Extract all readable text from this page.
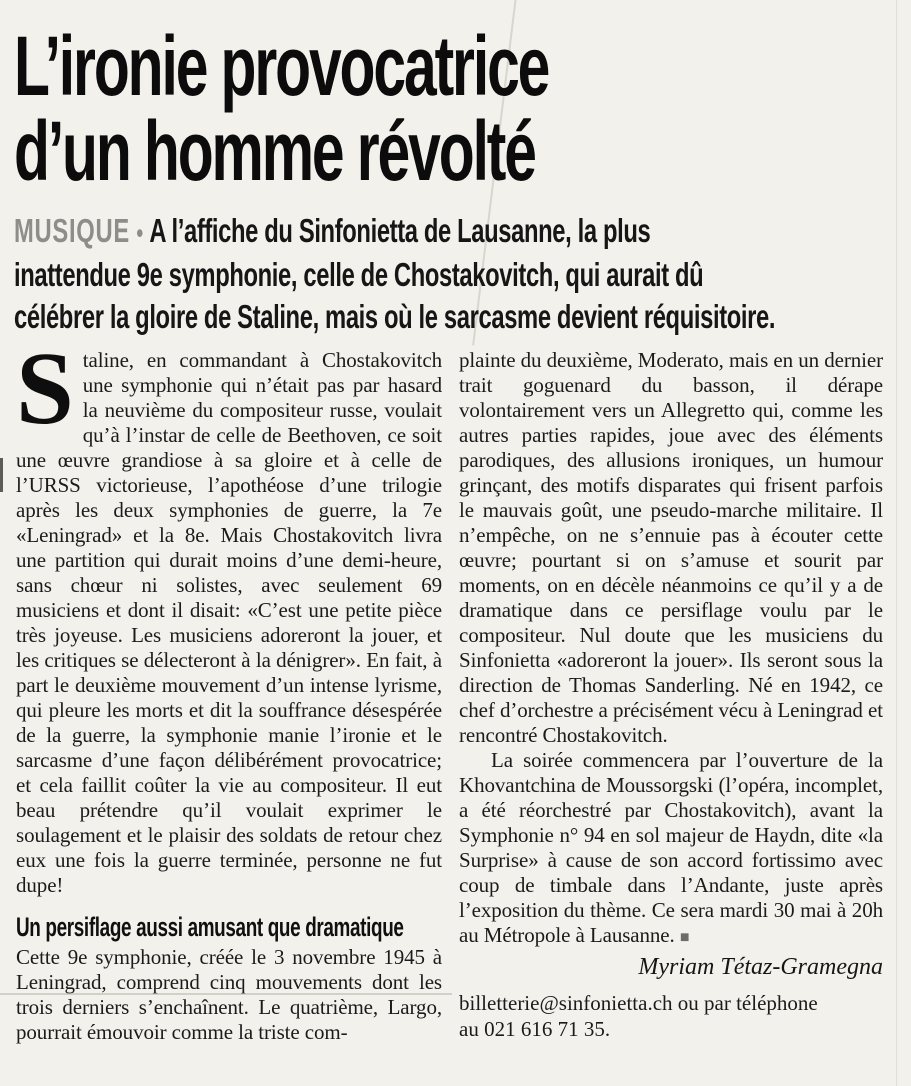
L’ironie provocatrice
d’un homme révolté
MUSIQUE • A l’affiche du Sinfonietta de Lausanne, la plus
inattendue 9e symphonie, celle de Chostakovitch, qui aurait dû
célébrer la gloire de Staline, mais où le sarcasme devient réquisitoire.

Staline, en commandant à Chostakovitch une symphonie qui n’était pas par hasard la neuvième du compositeur russe, voulait qu’à l’instar de celle de Beethoven, ce soit une œuvre grandiose à sa gloire et à celle de l’URSS victorieuse, l’apothéose d’une trilogie après les deux symphonies de guerre, la 7e «Leningrad» et la 8e. Mais Chostakovitch livra une partition qui durait moins d’une demi-heure, sans chœur ni solistes, avec seulement 69 musiciens et dont il disait: «C’est une petite pièce très joyeuse. Les musiciens adoreront la jouer, et les critiques se délecteront à la dénigrer». En fait, à part le deuxième mouvement d’un intense lyrisme, qui pleure les morts et dit la souffrance désespérée de la guerre, la symphonie manie l’ironie et le sarcasme d’une façon délibérément provocatrice; et cela faillit coûter la vie au compositeur. Il eut beau prétendre qu’il voulait exprimer le soulagement et le plaisir des soldats de retour chez eux une fois la guerre terminée, personne ne fut dupe!

Un persiflage aussi amusant que dramatique

Cette 9e symphonie, créée le 3 novembre 1945 à Leningrad, comprend cinq mouvements dont les trois derniers s’enchaînent. Le quatrième, Largo, pourrait émouvoir comme la triste com-

plainte du deuxième, Moderato, mais en un dernier trait goguenard du basson, il dérape volontairement vers un Allegretto qui, comme les autres parties rapides, joue avec des éléments parodiques, des allusions ironiques, un humour grinçant, des motifs disparates qui frisent parfois le mauvais goût, une pseudo-marche militaire. Il n’empêche, on ne s’ennuie pas à écouter cette œuvre; pourtant si on s’amuse et sourit par moments, on en décèle néanmoins ce qu’il y a de dramatique dans ce persiflage voulu par le compositeur. Nul doute que les musiciens du Sinfonietta «adoreront la jouer». Ils seront sous la direction de Thomas Sanderling. Né en 1942, ce chef d’orchestre a précisément vécu à Leningrad et rencontré Chostakovitch.

La soirée commencera par l’ouverture de la Khovantchina de Moussorgski (l’opéra, incomplet, a été réorchestré par Chostakovitch), avant la Symphonie n° 94 en sol majeur de Haydn, dite «la Surprise» à cause de son accord fortissimo avec coup de timbale dans l’Andante, juste après l’exposition du thème. Ce sera mardi 30 mai à 20h au Métropole à Lausanne. ■

Myriam Tétaz-Gramegna
billetterie@sinfonietta.ch ou par téléphone
au 021 616 71 35.
